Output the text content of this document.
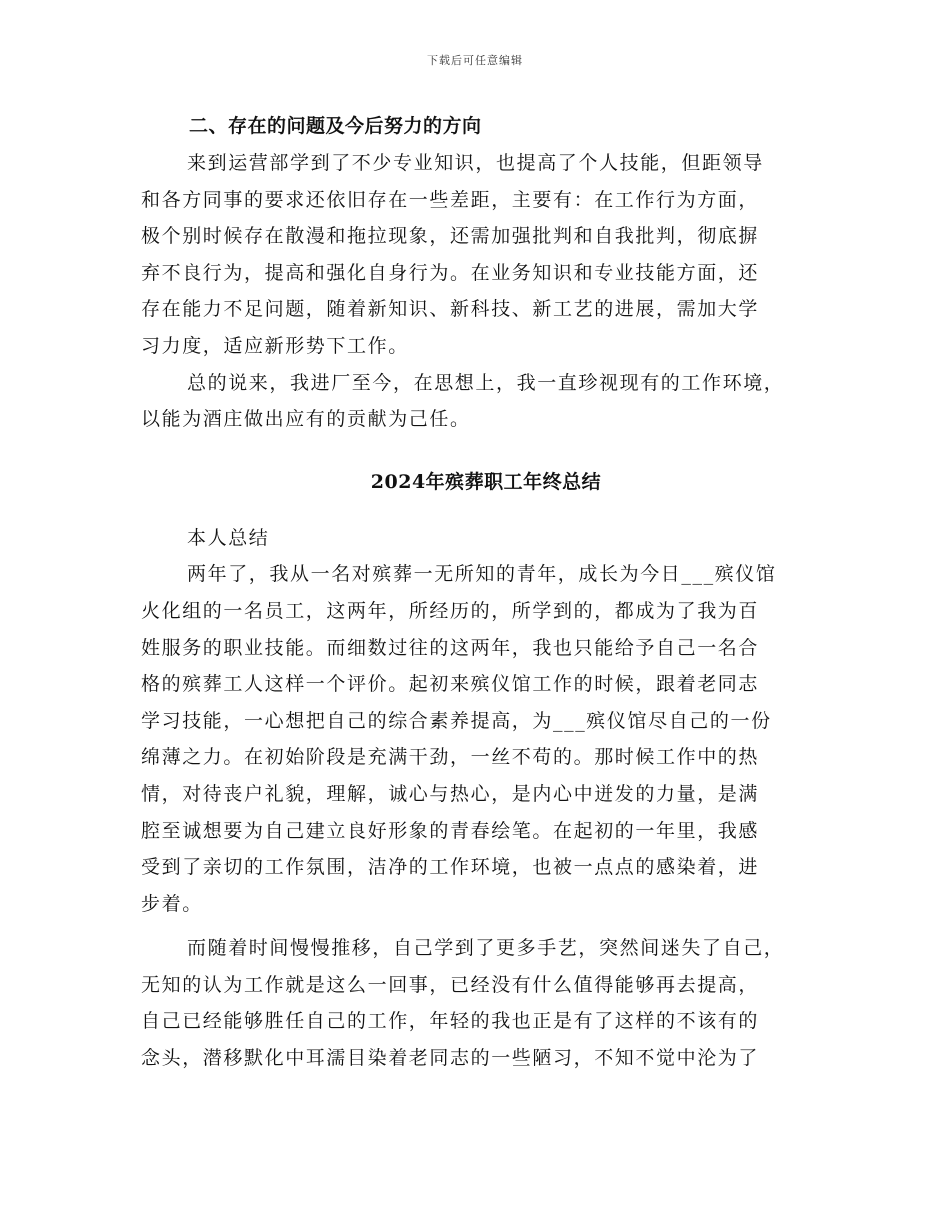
下载后可任意编辑

二、存在的问题及今后努力的方向

来到运营部学到了不少专业知识，也提高了个人技能，但距领导
和各方同事的要求还依旧存在一些差距，主要有：在工作行为方面，
极个别时候存在散漫和拖拉现象，还需加强批判和自我批判，彻底摒
弃不良行为，提高和强化自身行为。在业务知识和专业技能方面，还
存在能力不足问题，随着新知识、新科技、新工艺的进展，需加大学
习力度，适应新形势下工作。

总的说来，我进厂至今，在思想上，我一直珍视现有的工作环境，
以能为酒庄做出应有的贡献为己任。

2024年殡葬职工年终总结

本人总结

两年了，我从一名对殡葬一无所知的青年，成长为今日___殡仪馆
火化组的一名员工，这两年，所经历的，所学到的，都成为了我为百
姓服务的职业技能。而细数过往的这两年，我也只能给予自己一名合
格的殡葬工人这样一个评价。起初来殡仪馆工作的时候，跟着老同志
学习技能，一心想把自己的综合素养提高，为___殡仪馆尽自己的一份
绵薄之力。在初始阶段是充满干劲，一丝不苟的。那时候工作中的热
情，对待丧户礼貌，理解，诚心与热心，是内心中迸发的力量，是满
腔至诚想要为自己建立良好形象的青春绘笔。在起初的一年里，我感
受到了亲切的工作氛围，洁净的工作环境，也被一点点的感染着，进
步着。

而随着时间慢慢推移，自己学到了更多手艺，突然间迷失了自己，
无知的认为工作就是这么一回事，已经没有什么值得能够再去提高，
自己已经能够胜任自己的工作，年轻的我也正是有了这样的不该有的
念头，潜移默化中耳濡目染着老同志的一些陋习，不知不觉中沦为了
